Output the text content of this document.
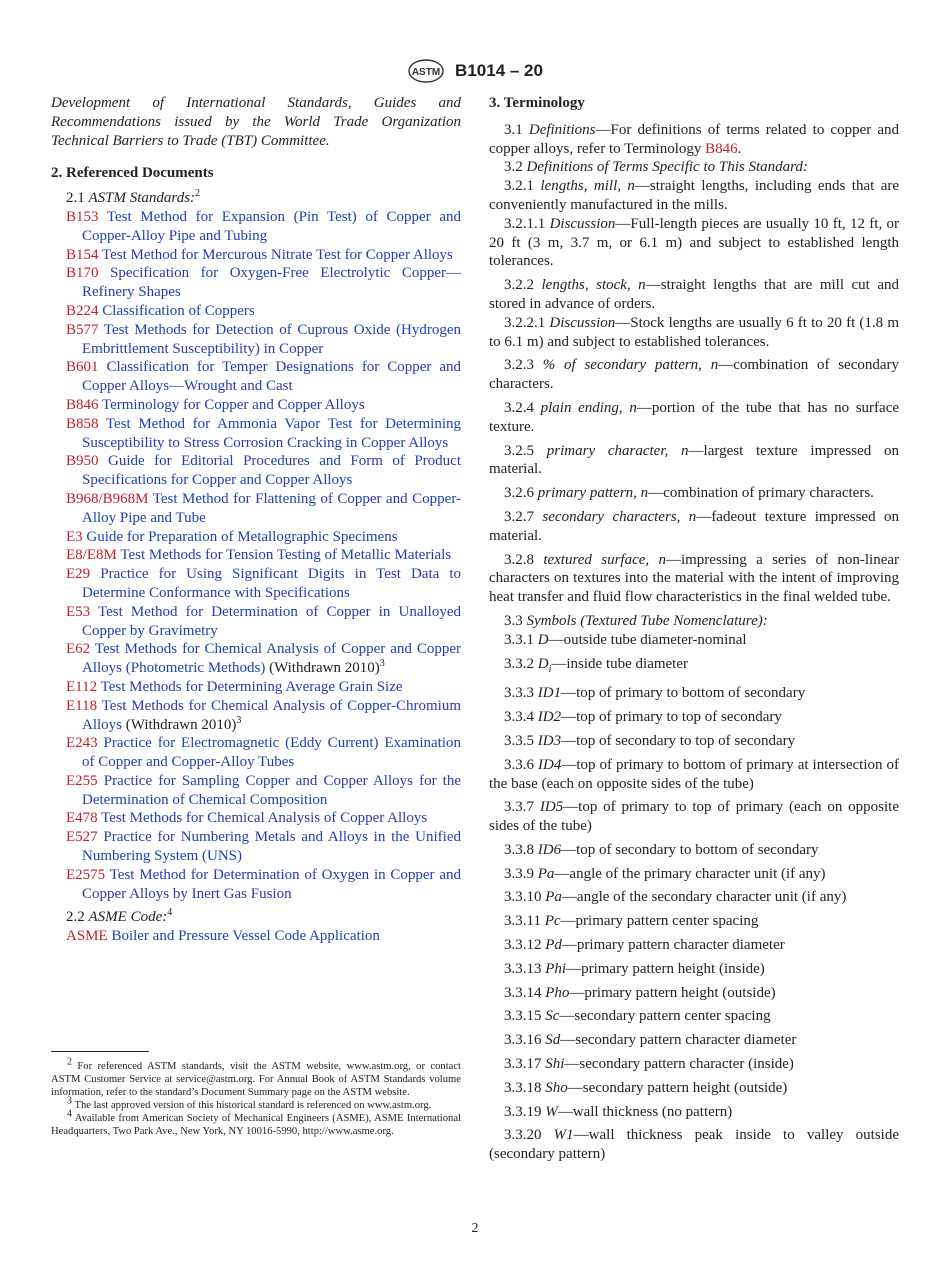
ASTM B1014 – 20

Development of International Standards, Guides and Recommendations issued by the World Trade Organization Technical Barriers to Trade (TBT) Committee.

2. Referenced Documents

2.1 ASTM Standards:$^2$

B153 Test Method for Expansion (Pin Test) of Copper and Copper-Alloy Pipe and Tubing

B154 Test Method for Mercurous Nitrate Test for Copper Alloys

B170 Specification for Oxygen-Free Electrolytic Copper—Refinery Shapes

B224 Classification of Coppers

B577 Test Methods for Detection of Cuprous Oxide (Hydrogen Embrittlement Susceptibility) in Copper

B601 Classification for Temper Designations for Copper and Copper Alloys—Wrought and Cast

B846 Terminology for Copper and Copper Alloys

B858 Test Method for Ammonia Vapor Test for Determining Susceptibility to Stress Corrosion Cracking in Copper Alloys

B950 Guide for Editorial Procedures and Form of Product Specifications for Copper and Copper Alloys

B968/B968M Test Method for Flattening of Copper and Copper-Alloy Pipe and Tube

E3 Guide for Preparation of Metallographic Specimens

E8/E8M Test Methods for Tension Testing of Metallic Materials

E29 Practice for Using Significant Digits in Test Data to Determine Conformance with Specifications

E53 Test Method for Determination of Copper in Unalloyed Copper by Gravimetry

E62 Test Methods for Chemical Analysis of Copper and Copper Alloys (Photometric Methods) (Withdrawn 2010)$^3$

E112 Test Methods for Determining Average Grain Size

E118 Test Methods for Chemical Analysis of Copper-Chromium Alloys (Withdrawn 2010)$^3$

E243 Practice for Electromagnetic (Eddy Current) Examination of Copper and Copper-Alloy Tubes

E255 Practice for Sampling Copper and Copper Alloys for the Determination of Chemical Composition

E478 Test Methods for Chemical Analysis of Copper Alloys

E527 Practice for Numbering Metals and Alloys in the Unified Numbering System (UNS)

E2575 Test Method for Determination of Oxygen in Copper and Copper Alloys by Inert Gas Fusion

2.2 ASME Code:$^4$

ASME Boiler and Pressure Vessel Code Application

$^2$ For referenced ASTM standards, visit the ASTM website, www.astm.org, or contact ASTM Customer Service at service@astm.org. For Annual Book of ASTM Standards volume information, refer to the standard’s Document Summary page on the ASTM website.

$^3$ The last approved version of this historical standard is referenced on www.astm.org.

$^4$ Available from American Society of Mechanical Engineers (ASME), ASME International Headquarters, Two Park Ave., New York, NY 10016-5990, http://www.asme.org.

3. Terminology

3.1 Definitions—For definitions of terms related to copper and copper alloys, refer to Terminology B846.

3.2 Definitions of Terms Specific to This Standard:

3.2.1 lengths, mill, n—straight lengths, including ends that are conveniently manufactured in the mills.

3.2.1.1 Discussion—Full-length pieces are usually 10 ft, 12 ft, or 20 ft (3 m, 3.7 m, or 6.1 m) and subject to established length tolerances.

3.2.2 lengths, stock, n—straight lengths that are mill cut and stored in advance of orders.

3.2.2.1 Discussion—Stock lengths are usually 6 ft to 20 ft (1.8 m to 6.1 m) and subject to established tolerances.

3.2.3 % of secondary pattern, n—combination of secondary characters.

3.2.4 plain ending, n—portion of the tube that has no surface texture.

3.2.5 primary character, n—largest texture impressed on material.

3.2.6 primary pattern, n—combination of primary characters.

3.2.7 secondary characters, n—fadeout texture impressed on material.

3.2.8 textured surface, n—impressing a series of non-linear characters on textures into the material with the intent of improving heat transfer and fluid flow characteristics in the final welded tube.

3.3 Symbols (Textured Tube Nomenclature):

3.3.1 D—outside tube diameter-nominal

3.3.2 $D_i—inside$ tube diameter

3.3.3 ID1—top of primary to bottom of secondary

3.3.4 ID2—top of primary to top of secondary

3.3.5 ID3—top of secondary to top of secondary

3.3.6 ID4—top of primary to bottom of primary at intersection of the base (each on opposite sides of the tube)

3.3.7 ID5—top of primary to top of primary (each on opposite sides of the tube)

3.3.8 ID6—top of secondary to bottom of secondary

3.3.9 Pa—angle of the primary character unit (if any)

3.3.10 Pa—angle of the secondary character unit (if any)

3.3.11 Pc—primary pattern center spacing

3.3.12 Pd—primary pattern character diameter

3.3.13 Phi—primary pattern height (inside)

3.3.14 Pho—primary pattern height (outside)

3.3.15 Sc—secondary pattern center spacing

3.3.16 Sd—secondary pattern character diameter

3.3.17 Shi—secondary pattern character (inside)

3.3.18 Sho—secondary pattern height (outside)

3.3.19 W—wall thickness (no pattern)

3.3.20 W1—wall thickness peak inside to valley outside (secondary pattern)

2
